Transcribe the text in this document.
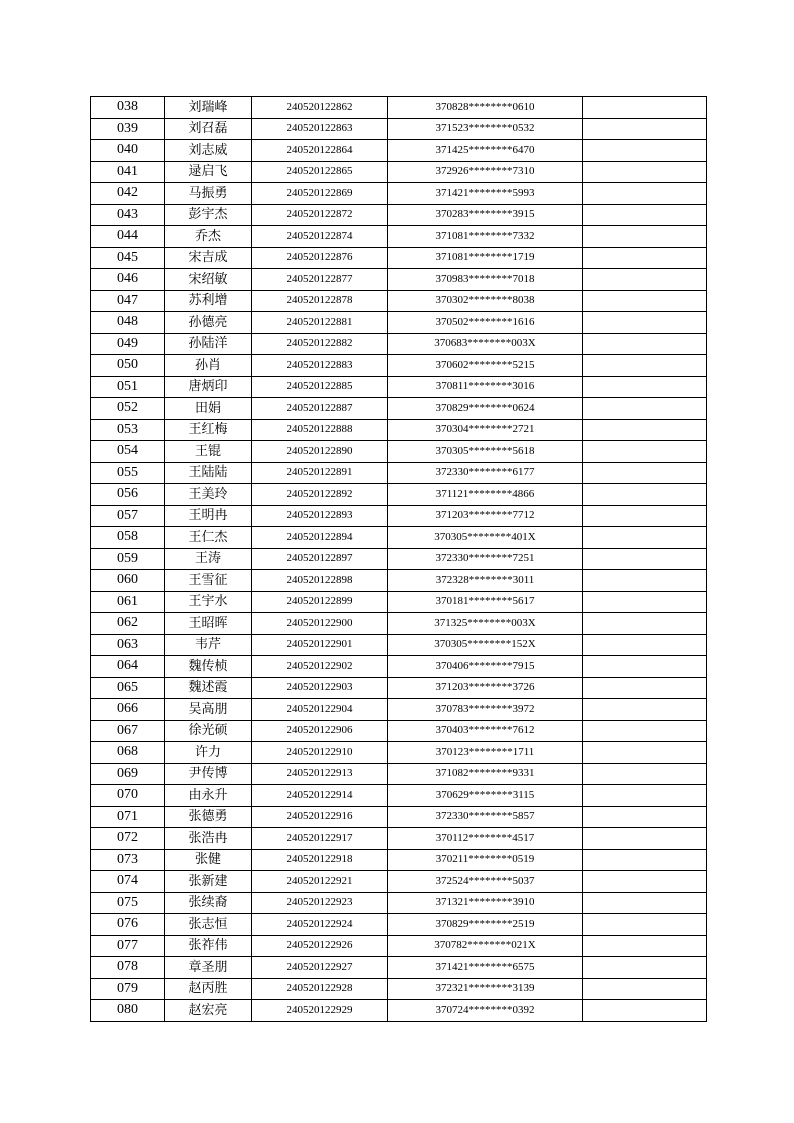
038	刘瑞峰	240520122862	370828********0610	
039	刘召磊	240520122863	371523********0532	
040	刘志威	240520122864	371425********6470	
041	逯启飞	240520122865	372926********7310	
042	马振勇	240520122869	371421********5993	
043	彭宇杰	240520122872	370283********3915	
044	乔杰	240520122874	371081********7332	
045	宋吉成	240520122876	371081********1719	
046	宋绍敏	240520122877	370983********7018	
047	苏利增	240520122878	370302********8038	
048	孙德亮	240520122881	370502********1616	
049	孙陆洋	240520122882	370683********003X	
050	孙肖	240520122883	370602********5215	
051	唐炳印	240520122885	370811********3016	
052	田娟	240520122887	370829********0624	
053	王红梅	240520122888	370304********2721	
054	王锟	240520122890	370305********5618	
055	王陆陆	240520122891	372330********6177	
056	王美玲	240520122892	371121********4866	
057	王明冉	240520122893	371203********7712	
058	王仁杰	240520122894	370305********401X	
059	王涛	240520122897	372330********7251	
060	王雪征	240520122898	372328********3011	
061	王宇水	240520122899	370181********5617	
062	王昭晖	240520122900	371325********003X	
063	韦芹	240520122901	370305********152X	
064	魏传桢	240520122902	370406********7915	
065	魏述霞	240520122903	371203********3726	
066	吴高朋	240520122904	370783********3972	
067	徐光硕	240520122906	370403********7612	
068	许力	240520122910	370123********1711	
069	尹传博	240520122913	371082********9331	
070	由永升	240520122914	370629********3115	
071	张德勇	240520122916	372330********5857	
072	张浩冉	240520122917	370112********4517	
073	张健	240520122918	370211********0519	
074	张新建	240520122921	372524********5037	
075	张续裔	240520122923	371321********3910	
076	张志恒	240520122924	370829********2519	
077	张祚伟	240520122926	370782********021X	
078	章圣朋	240520122927	371421********6575	
079	赵丙胜	240520122928	372321********3139	
080	赵宏亮	240520122929	370724********0392	
